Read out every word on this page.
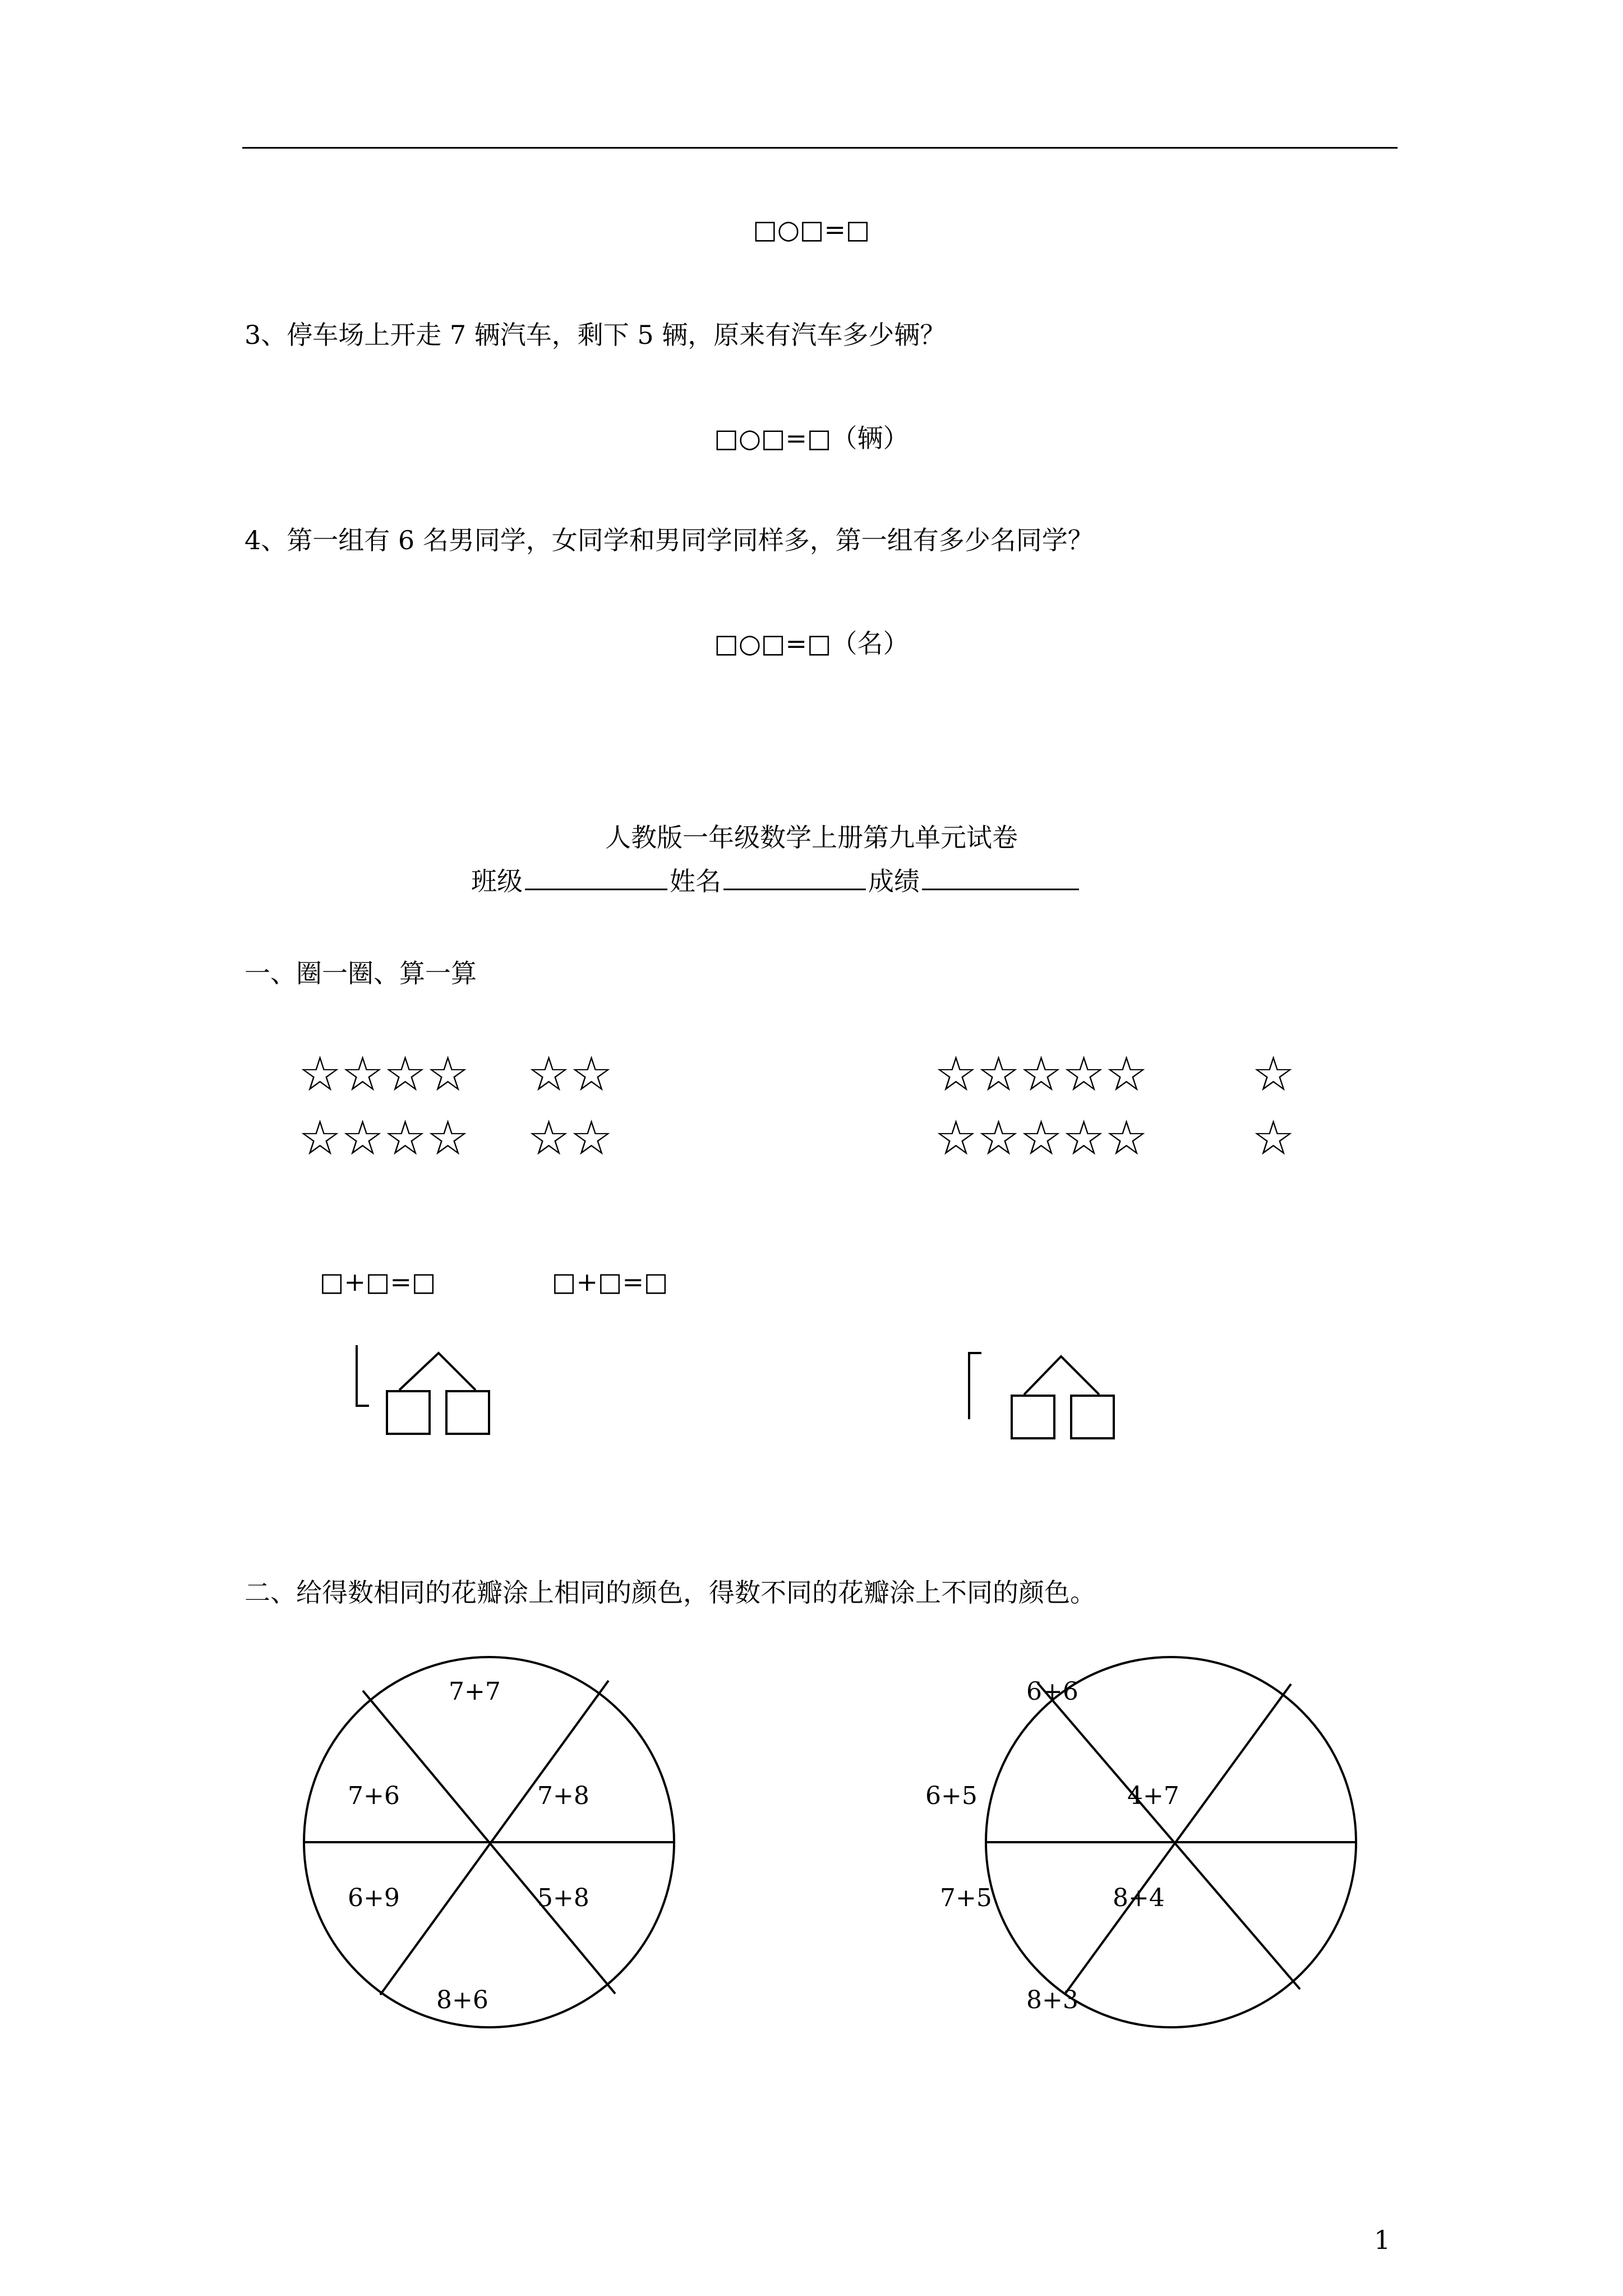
□○□=□
3、停车场上开走 7 辆汽车，剩下 5 辆，原来有汽车多少辆？
□○□=□（辆）
4、第一组有 6 名男同学，女同学和男同学同样多，第一组有多少名同学？
□○□=□（名）
人教版一年级数学上册第九单元试卷
班级	姓名	成绩
一、圈一圈、算一算
☆
☆
☆
☆
☆
☆
☆
☆
☆
☆
☆
☆
☆
☆
☆
☆
☆
☆
☆
☆
☆
☆
☆
☆
□+□=□	□+□=□
二、给得数相同的花瓣涂上相同的颜色，得数不同的花瓣涂上不同的颜色。
7+7
7+6	7+8
6+9	5+8
8+6
6+6
6+5	4+7
7+5	8+4
8+3
1
